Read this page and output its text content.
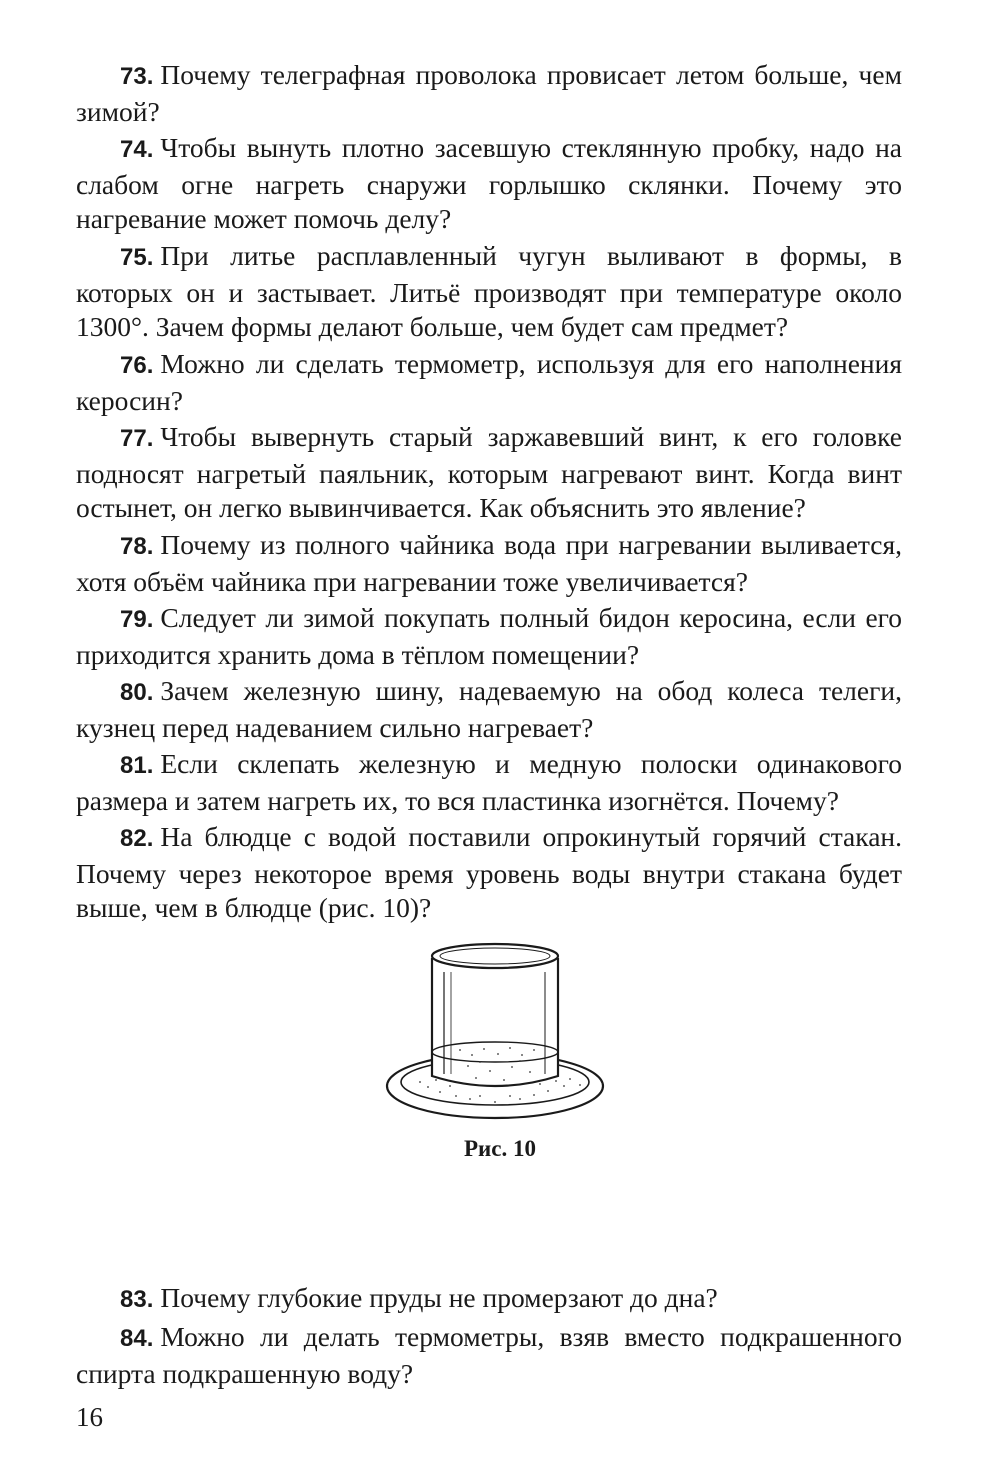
73. Почему телеграфная проволока провисает летом больше, чем зимой?

74. Чтобы вынуть плотно засевшую стеклянную пробку, надо на слабом огне нагреть снаружи горлышко склянки. Почему это нагревание может помочь делу?

75. При литье расплавленный чугун выливают в формы, в которых он и застывает. Литьё производят при температуре около 1300°. Зачем формы делают больше, чем будет сам предмет?

76. Можно ли сделать термометр, используя для его наполнения керосин?

77. Чтобы вывернуть старый заржавевший винт, к его головке подносят нагретый паяльник, которым нагревают винт. Когда винт остынет, он легко вывинчивается. Как объяснить это явление?

78. Почему из полного чайника вода при нагревании выливается, хотя объём чайника при нагревании тоже увеличивается?

79. Следует ли зимой покупать полный бидон керосина, если его приходится хранить дома в тёплом помещении?

80. Зачем железную шину, надеваемую на обод колеса телеги, кузнец перед надеванием сильно нагревает?

81. Если склепать железную и медную полоски одинакового размера и затем нагреть их, то вся пластинка изогнётся. Почему?

82. На блюдце с водой поставили опрокинутый горячий стакан. Почему через некоторое время уровень воды внутри стакана будет выше, чем в блюдце (рис. 10)?

Рис. 10

83. Почему глубокие пруды не промерзают до дна?

84. Можно ли делать термометры, взяв вместо подкрашенного спирта подкрашенную воду?

16
